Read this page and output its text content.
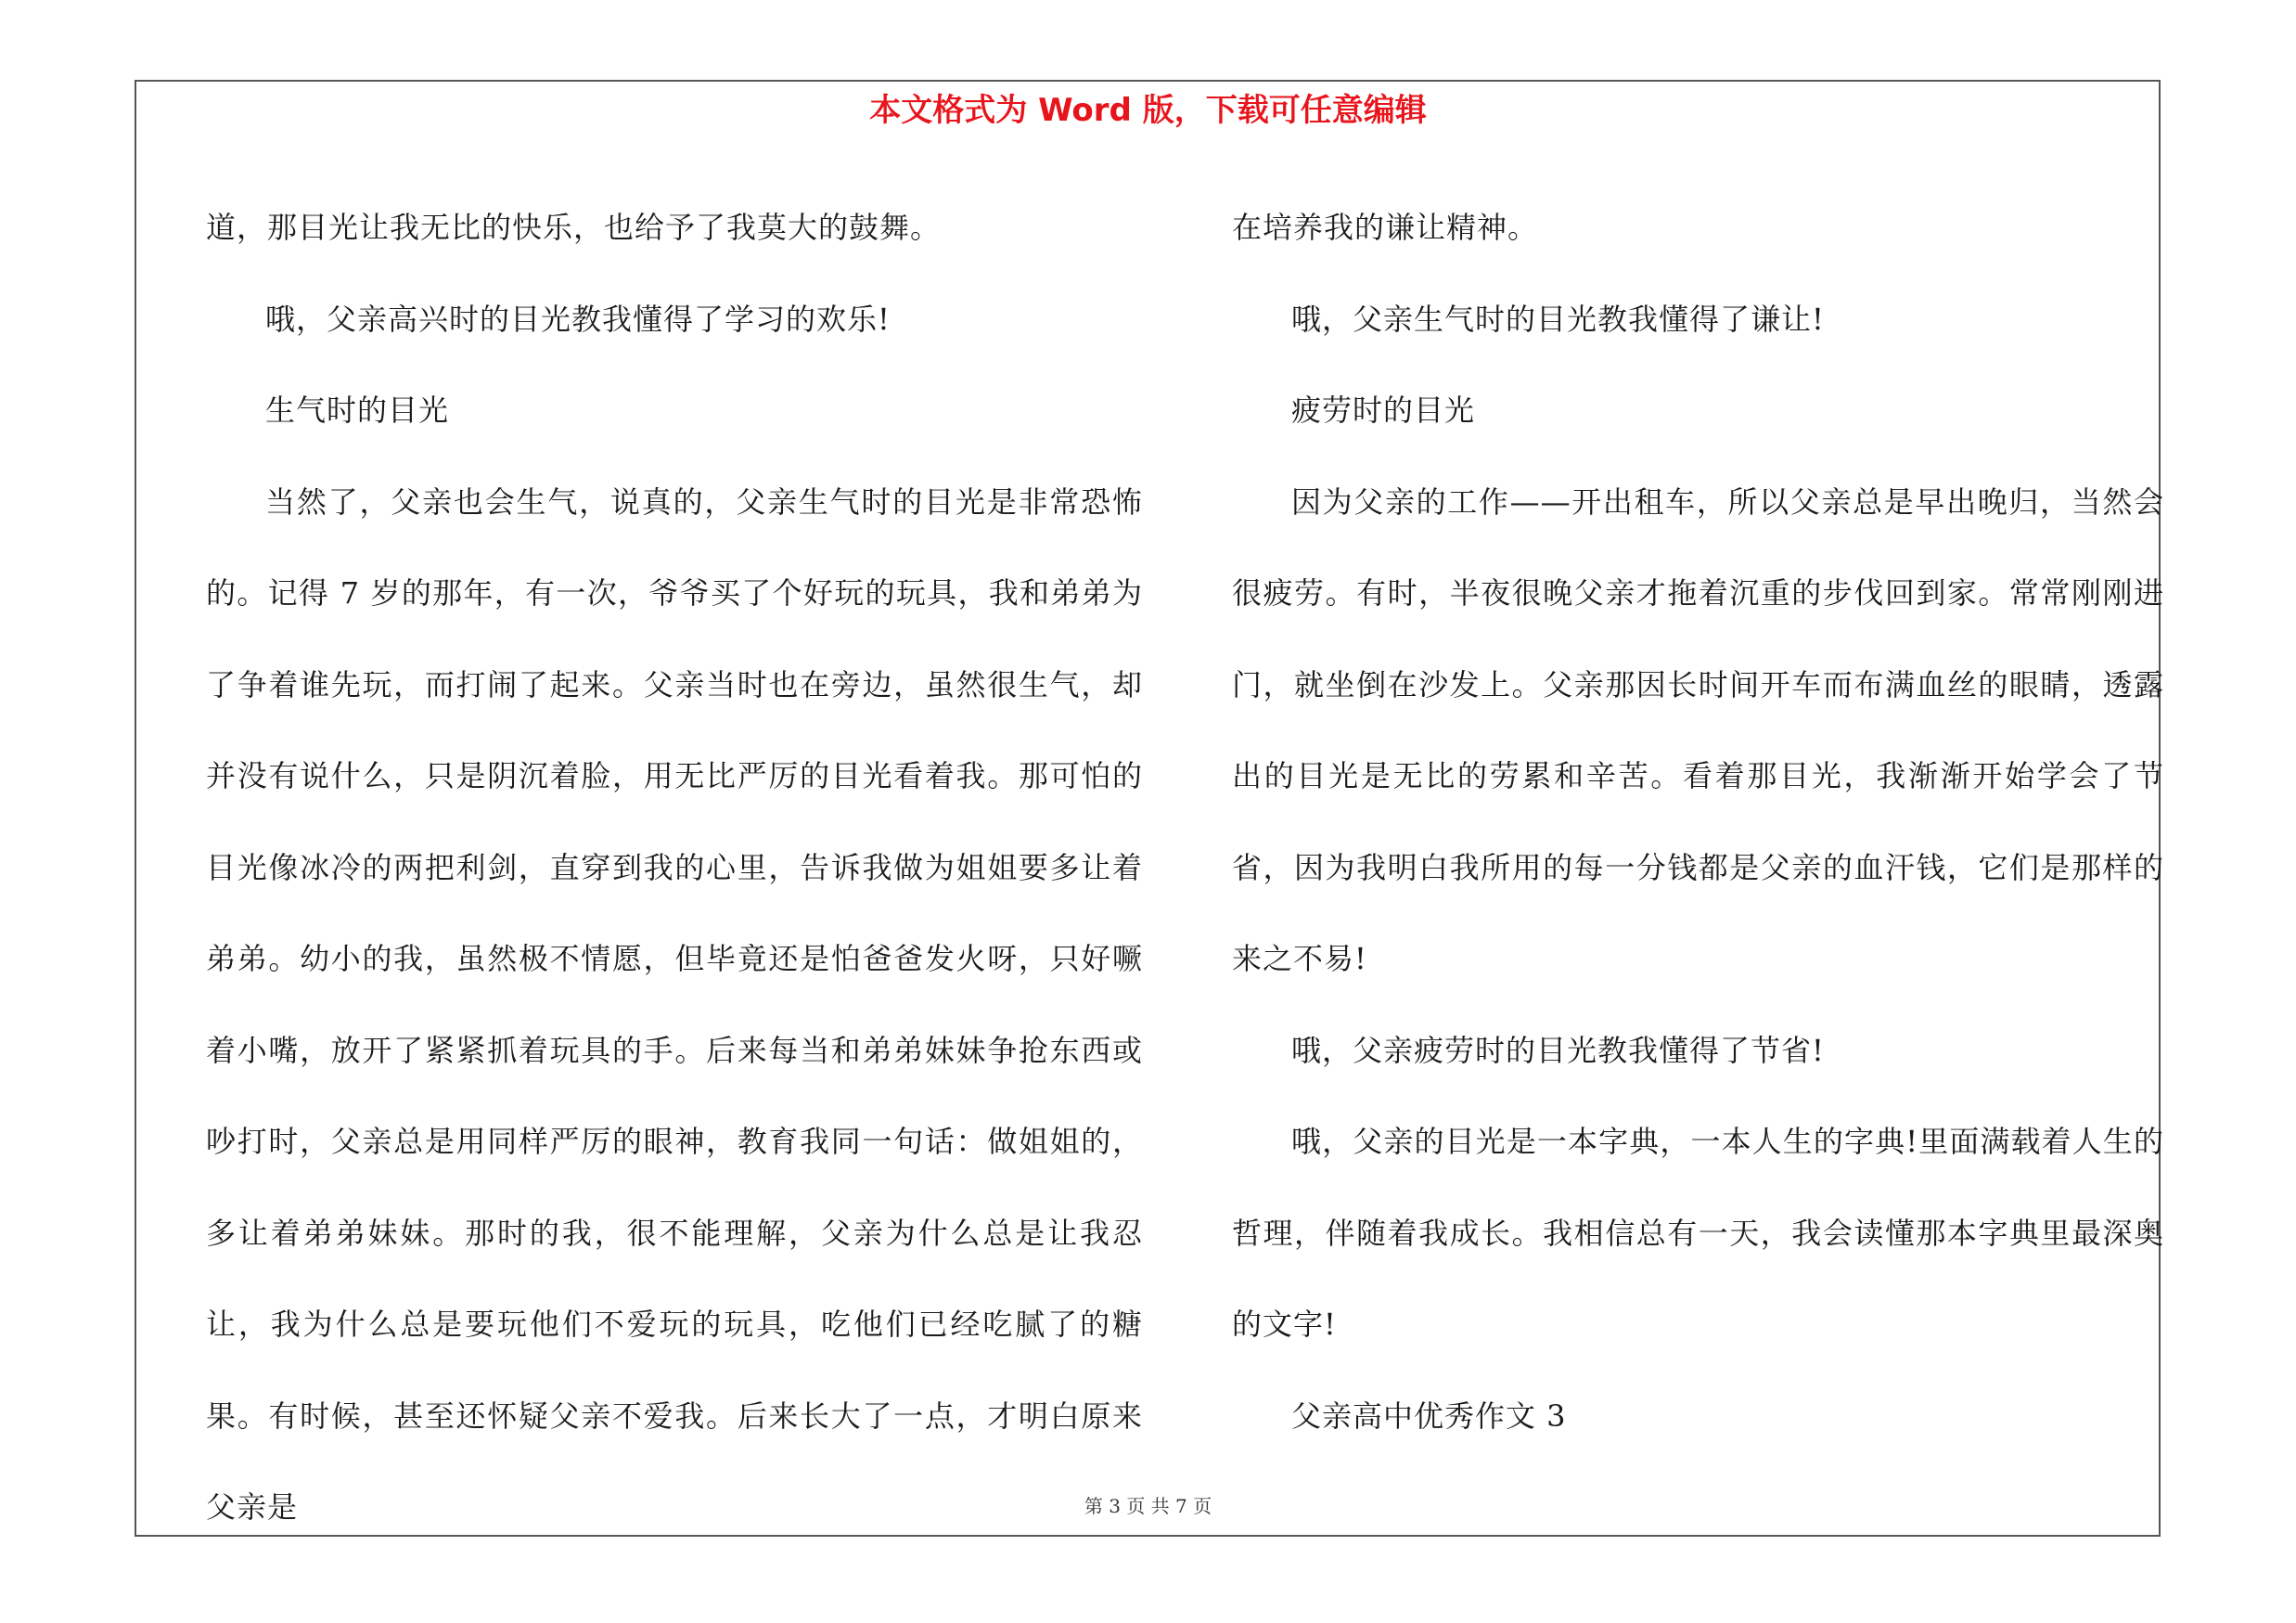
本文格式为 Word 版，下载可任意编辑

道，那目光让我无比的快乐，也给予了我莫大的鼓舞。

哦，父亲高兴时的目光教我懂得了学习的欢乐!

生气时的目光

当然了，父亲也会生气，说真的，父亲生气时的目光是非常恐怖的。记得 7 岁的那年，有一次，爷爷买了个好玩的玩具，我和弟弟为了争着谁先玩，而打闹了起来。父亲当时也在旁边，虽然很生气，却并没有说什么，只是阴沉着脸，用无比严厉的目光看着我。那可怕的目光像冰冷的两把利剑，直穿到我的心里，告诉我做为姐姐要多让着弟弟。幼小的我，虽然极不情愿，但毕竟还是怕爸爸发火呀，只好噘着小嘴，放开了紧紧抓着玩具的手。后来每当和弟弟妹妹争抢东西或吵打时，父亲总是用同样严厉的眼神，教育我同一句话：做姐姐的，多让着弟弟妹妹。那时的我，很不能理解，父亲为什么总是让我忍让，我为什么总是要玩他们不爱玩的玩具，吃他们已经吃腻了的糖果。有时候，甚至还怀疑父亲不爱我。后来长大了一点，才明白原来父亲是

在培养我的谦让精神。

哦，父亲生气时的目光教我懂得了谦让!

疲劳时的目光

因为父亲的工作——开出租车，所以父亲总是早出晚归，当然会很疲劳。有时，半夜很晚父亲才拖着沉重的步伐回到家。常常刚刚进门，就坐倒在沙发上。父亲那因长时间开车而布满血丝的眼睛，透露出的目光是无比的劳累和辛苦。看着那目光，我渐渐开始学会了节省，因为我明白我所用的每一分钱都是父亲的血汗钱，它们是那样的来之不易!

哦，父亲疲劳时的目光教我懂得了节省!

哦，父亲的目光是一本字典，一本人生的字典!里面满载着人生的哲理，伴随着我成长。我相信总有一天，我会读懂那本字典里最深奥的文字!

父亲高中优秀作文 3

第 3 页 共 7 页
